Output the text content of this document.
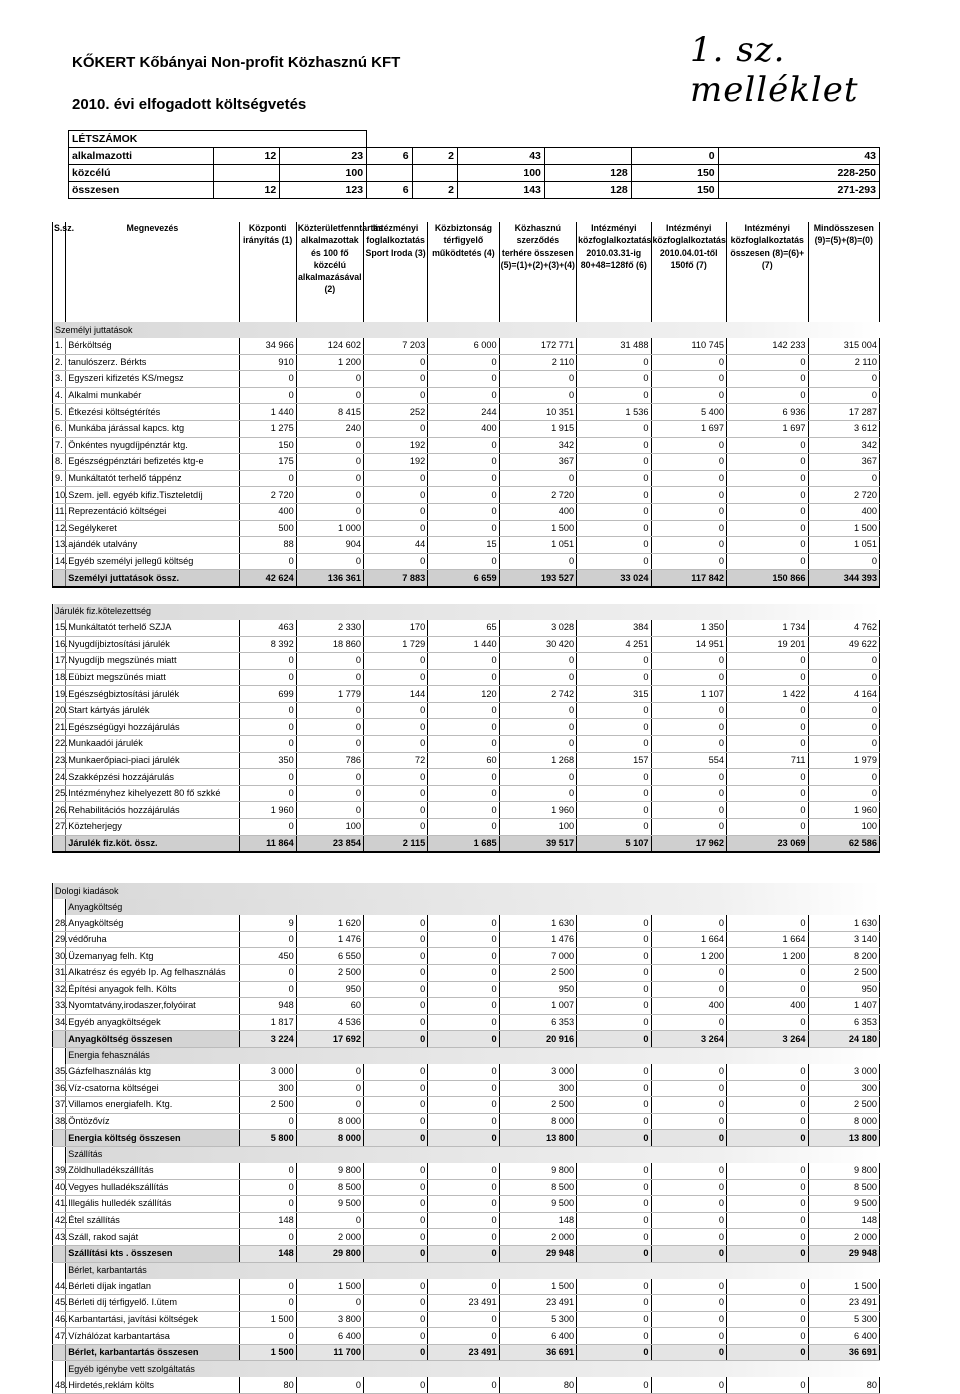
KŐKERT Kőbányai Non-profit Közhasznú KFT
2010. évi elfogadott költségvetés
1. sz. melléklet
LÉTSZÁMOK								
alkalmazotti	12	23	6	2	43		0	43
közcélú		100			100	128	150	228-250
összesen	12	123	6	2	143	128	150	271-293
S.sz.	Megnevezés	Központi irányítás (1)	Közterületfenntartás alkalmazottak és 100 fő közcélú alkalmazásával (2)	Intézményi foglalkoztatás Sport Iroda (3)	Közbiztonság térfigyelő működtetés (4)	Közhasznú szerződés terhére összesen (5)=(1)+(2)+(3)+(4)	Intézményi közfoglalkoztatás 2010.03.31-ig 80+48=128fő (6)	Intézményi közfoglalkoztatás 2010.04.01-től 150fő (7)	Intézményi közfoglalkoztatás összesen (8)=(6)+(7)	Mindösszesen (9)=(5)+(8)=(0)
Személyi juttatások										
1.	Bérköltség	34 966	124 602	7 203	6 000	172 771	31 488	110 745	142 233	315 004
2.	tanulószerz. Bérkts	910	1 200	0	0	2 110	0	0	0	2 110
3.	Egyszeri kifizetés KS/megsz	0	0	0	0	0	0	0	0	0
4.	Alkalmi munkabér	0	0	0	0	0	0	0	0	0
5.	Étkezési költségtérítés	1 440	8 415	252	244	10 351	1 536	5 400	6 936	17 287
6.	Munkába járással kapcs. ktg	1 275	240	0	400	1 915	0	1 697	1 697	3 612
7.	Önkéntes nyugdíjpénztár ktg.	150	0	192	0	342	0	0	0	342
8.	Egészségpénztári befizetés ktg-e	175	0	192	0	367	0	0	0	367
9.	Munkáltatót terhelő táppénz	0	0	0	0	0	0	0	0	0
10.	Szem. jell. egyéb kifiz.Tiszteletdíj	2 720	0	0	0	2 720	0	0	0	2 720
11.	Reprezentáció költségei	400	0	0	0	400	0	0	0	400
12.	Segélykeret	500	1 000	0	0	1 500	0	0	0	1 500
13.	ajándék utalvány	88	904	44	15	1 051	0	0	0	1 051
14.	Egyéb személyi jellegű költség	0	0	0	0	0	0	0	0	0
	Személyi juttatások össz.	42 624	136 361	7 883	6 659	193 527	33 024	117 842	150 866	344 393

Járulék fiz.kötelezettség										
15.	Munkáltatót terhelő SZJA	463	2 330	170	65	3 028	384	1 350	1 734	4 762
16.	Nyugdíjbiztosítási járulék	8 392	18 860	1 729	1 440	30 420	4 251	14 951	19 201	49 622
17.	Nyugdíjb megszünés miatt	0	0	0	0	0	0	0	0	0
18.	Eübizt megszünés miatt	0	0	0	0	0	0	0	0	0
19.	Egészségbiztosítási járulék	699	1 779	144	120	2 742	315	1 107	1 422	4 164
20.	Start kártyás járulék	0	0	0	0	0	0	0	0	0
21.	Egészségügyi hozzájárulás	0	0	0	0	0	0	0	0	0
22.	Munkaadói járulék	0	0	0	0	0	0	0	0	0
23.	Munkaerőpiaci-piaci járulék	350	786	72	60	1 268	157	554	711	1 979
24.	Szakképzési hozzájárulás	0	0	0	0	0	0	0	0	0
25.	Intézményhez kihelyezett 80 fő szkké	0	0	0	0	0	0	0	0	0
26.	Rehabilitációs hozzájárulás	1 960	0	0	0	1 960	0	0	0	1 960
27.	Közteherjegy	0	100	0	0	100	0	0	0	100
	Járulék fiz.köt. össz.	11 864	23 854	2 115	1 685	39 517	5 107	17 962	23 069	62 586

Dologi kiadások										
	Anyagköltség									
28.	Anyagköltség	9	1 620	0	0	1 630	0	0	0	1 630
29.	védőruha	0	1 476	0	0	1 476	0	1 664	1 664	3 140
30.	Üzemanyag felh. Ktg	450	6 550	0	0	7 000	0	1 200	1 200	8 200
31.	Alkatrész és egyéb Ip. Ag felhasználás	0	2 500	0	0	2 500	0	0	0	2 500
32.	Építési anyagok felh. Költs	0	950	0	0	950	0	0	0	950
33.	Nyomtatvány,irodaszer,folyóirat	948	60	0	0	1 007	0	400	400	1 407
34.	Egyéb anyagköltségek	1 817	4 536	0	0	6 353	0	0	0	6 353
	Anyagköltség összesen	3 224	17 692	0	0	20 916	0	3 264	3 264	24 180
	Energia fehasználás									
35.	Gázfelhasználás ktg	3 000	0	0	0	3 000	0	0	0	3 000
36.	Víz-csatorna költségei	300	0	0	0	300	0	0	0	300
37.	Villamos energiafelh. Ktg.	2 500	0	0	0	2 500	0	0	0	2 500
38.	Öntözővíz	0	8 000	0	0	8 000	0	0	0	8 000
	Energia költség összesen	5 800	8 000	0	0	13 800	0	0	0	13 800
	Szállítás									
39.	Zöldhulladékszállítás	0	9 800	0	0	9 800	0	0	0	9 800
40.	Vegyes hulladékszállítás	0	8 500	0	0	8 500	0	0	0	8 500
41.	Illegális hulledék szállítás	0	9 500	0	0	9 500	0	0	0	9 500
42.	Étel szállítás	148	0	0	0	148	0	0	0	148
43.	Száll, rakod saját	0	2 000	0	0	2 000	0	0	0	2 000
	Szállítási kts . összesen	148	29 800	0	0	29 948	0	0	0	29 948
	Bérlet, karbantartás									
44.	Bérleti díjak ingatlan	0	1 500	0	0	1 500	0	0	0	1 500
45.	Bérleti díj térfigyelő. I.ütem	0	0	0	23 491	23 491	0	0	0	23 491
46.	Karbantartási, javítási költségek	1 500	3 800	0	0	5 300	0	0	0	5 300
47.	Vízhálózat karbantartása	0	6 400	0	0	6 400	0	0	0	6 400
	Bérlet, karbantartás összesen	1 500	11 700	0	23 491	36 691	0	0	0	36 691
	Egyéb igénybe vett szolgáltatás									
48.	Hirdetés,reklám költs	80	0	0	0	80	0	0	0	80
